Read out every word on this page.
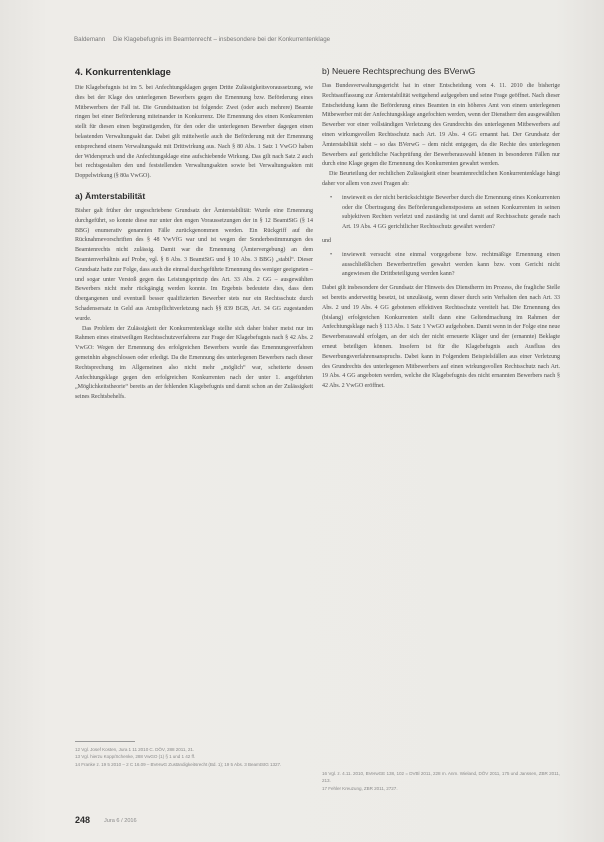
Baldemann Die Klagebefugnis im Beamtenrecht – insbesondere bei der Konkurrentenklage
4. Konkurrentenklage

Die Klagebefugnis ist im 5. bei Anfechtungsklagen gegen Dritte Zulässigkeitsvoraussetzung, wie dies bei der Klage des unterlegenen Bewerbers gegen die Ernennung bzw. Beförderung eines Mitbewerbers der Fall ist. Die Grundsituation ist folgende: Zwei (oder auch mehrere) Beamte ringen bei einer Beförderung miteinander in Konkurrenz. Die Ernennung des einen Konkurrenten stellt für diesen einen begünstigenden, für den oder die unterlegenen Bewerber dagegen einen belastenden Verwaltungsakt dar. Dabei gilt mittelweile auch die Beförderung mit der Ernennung entsprechend einem Verwaltungsakt mit Drittwirkung aus. Nach § 80 Abs. 1 Satz 1 VwGO haben der Widerspruch und die Anfechtungsklage eine aufschiebende Wirkung. Das gilt nach Satz 2 auch bei rechtsgestalten den und feststellenden Verwaltungsakten sowie bei Verwaltungsakten mit Doppelwirkung (§ 80a VwGO).

a) Ämterstabilität

Bisher galt früher der ungeschriebene Grundsatz der Ämterstabilität: Wurde eine Ernennung durchgeführt, so konnte diese nur unter den engen Voraussetzungen der in § 12 BeamtStG (§ 14 BBG) enumerativ genannten Fälle zurückgenommen werden. Ein Rückgriff auf die Rücknahmevorschriften des § 48 VwVfG war und ist wegen der Sonderbestimmungen des Beamtenrechts nicht zulässig. Damit war die Ernennung (Ämtervergebung) an dem Beamtenverhältnis auf Probe, vgl. § 8 Abs. 3 BeamtStG und § 10 Abs. 3 BBG) „stabil“. Dieser Grundsatz hatte zur Folge, dass auch die einmal durchgeführte Ernennung des weniger geeigneten – und sogar unter Verstoß gegen das Leistungsprinzip des Art. 33 Abs. 2 GG – ausgewählten Bewerbers nicht mehr rückgängig werden konnte. Im Ergebnis bedeutete dies, dass dem übergangenen und eventuell besser qualifizierten Bewerber stets nur ein Rechtsschutz durch Schadensersatz in Geld aus Amtspflichtverletzung nach §§ 839 BGB, Art. 34 GG zugestanden wurde.

Das Problem der Zulässigkeit der Konkurrentenklage stellte sich daher bisher meist nur im Rahmen eines einstweiligen Rechtsschutzverfahrens zur Frage der Klagebefugnis nach § 42 Abs. 2 VwGO: Wegen der Ernennung des erfolgreichen Bewerbers wurde das Ernennungsverfahren gemeinhin abgeschlossen oder erledigt. Da die Ernennung des unterlegenen Bewerbers nach dieser Rechtsprechung im Allgemeinen also nicht mehr „möglich“ war, scheiterte dessen Anfechtungsklage gegen den erfolgreichen Konkurrenten nach der unter 1. angeführten „Möglichkeitstheorie“ bereits an der fehlenden Klagebefugnis und damit schon an der Zulässigkeit seines Rechtsbehelfs.

b) Neuere Rechtsprechung des BVerwG

Das Bundesverwaltungsgericht hat in einer Entscheidung vom 4. 11. 2010 die bisherige Rechtsauffassung zur Ämterstabilität weitgehend aufgegeben und seine Frage geöffnet. Nach dieser Entscheidung kann die Beförderung eines Beamten in ein höheres Amt von einem unterlegenen Mitbewerber mit der Anfechtungsklage angefochten werden, wenn der Dienstherr den ausgewählten Bewerber vor einer vollständigen Verletzung des Grundrechts des unterlegenen Mitbewerbers auf einen wirkungsvollen Rechtsschutz nach Art. 19 Abs. 4 GG ernannt hat. Der Grundsatz der Ämterstabilität steht – so das BVerwG – dem nicht entgegen, da die Rechte des unterlegenen Bewerbers auf gerichtliche Nachprüfung der Bewerberauswahl können in besonderen Fällen nur durch eine Klage gegen die Ernennung des Konkurrenten gewahrt werden.

Die Beurteilung der rechtlichen Zulässigkeit einer beamtenrechtlichen Konkurrentenklage hängt daher vor allem von zwei Fragen ab:

• inwieweit es der nicht berücksichtigte Bewerber durch die Ernennung eines Konkurrenten oder die Übertragung des Beförderungsdienstpostens an seinen Konkurrenten in seinen subjektiven Rechten verletzt und zuständig ist und damit auf Rechtsschutz gerade nach Art. 19 Abs. 4 GG gerichtlicher Rechtsschutz gewährt werden?
und
• inwieweit versucht eine einmal vorgegebene bzw. rechtmäßige Ernennung einen ausschließlichen Bewerbertreffen gewahrt werden kann bzw. vom Gericht nicht angewiesen die Drittbeteiligung werden kann?

Dabei gilt insbesondere der Grundsatz der Hinweis des Dienstherrn im Prozess, die fragliche Stelle sei bereits anderweitig besetzt, ist unzulässig, wenn dieser durch sein Verhalten den nach Art. 33 Abs. 2 und 19 Abs. 4 GG gebotenen effektiven Rechtsschutz vereitelt hat. Die Ernennung des (bislang) erfolgreichen Konkurrenten stellt dann eine Geltendmachung im Rahmen der Anfechtungsklage nach § 113 Abs. 1 Satz 1 VwGO aufgehoben. Damit wenn in der Folge eine neue Bewerberauswahl erfolgen, an der sich der nicht erneuerte Kläger und der (ernannte) Beklagte erneut beteiligen können. Insofern ist für die Klagebefugnis auch Ausfluss des Bewerbungsverfahrensanspruchs. Dabei kann in Folgendem Beispielsfällen aus einer Verletzung des Grundrechts des unterlegenen Mitbewerbers auf einen wirkungsvollen Rechtsschutz nach Art. 19 Abs. 4 GG angeboten werden, welche die Klagebefugnis des nicht ernannten Bewerbers nach § 42 Abs. 2 VwGO eröffnet.

12 Vgl. Josef Kosten, Jura 1 11 2010 C. DÖV, 288 2011, 21.

13 Vgl. hierzu Kopp/Schenke, 288 VwGO (1) § 1 und 1 42 ff.

14 Franke z. 19 5 2010 – 2 C 16.09 – BVerwG Zuständigkeitsrecht (Bd. 1); 19 5 Abs. 3 BeamtStG 1327.

16 Vgl. z. 4.11. 2010, BVerwGE 138, 102 = DVBl 2011, 228 m. Anm. Wieland, DÖV 2011, 175 und Janssen, ZBR 2011, 213.

17 Fehler Kreuzung, ZBR 2011, 2727.

248 Jura 6 / 2016
